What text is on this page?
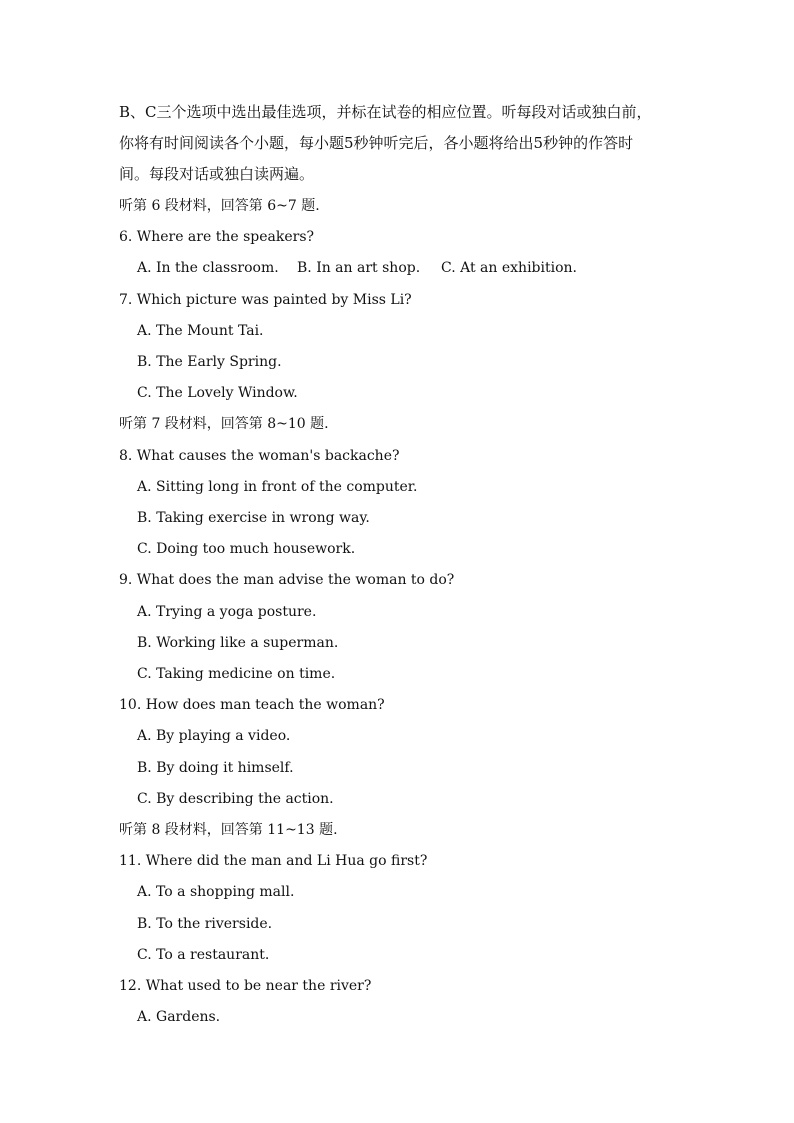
B、C三个选项中选出最佳选项，并标在试卷的相应位置。听每段对话或独白前，
你将有时间阅读各个小题，每小题5秒钟听完后，各小题将给出5秒钟的作答时
间。每段对话或独白读两遍。
听第 6 段材料，回答第 6~7 题.
6. Where are the speakers?
A. In the classroom. B. In an art shop. C. At an exhibition.
7. Which picture was painted by Miss Li?
A. The Mount Tai.
B. The Early Spring.
C. The Lovely Window.
听第 7 段材料，回答第 8~10 题.
8. What causes the woman's backache?
A. Sitting long in front of the computer.
B. Taking exercise in wrong way.
C. Doing too much housework.
9. What does the man advise the woman to do?
A. Trying a yoga posture.
B. Working like a superman.
C. Taking medicine on time.
10. How does man teach the woman?
A. By playing a video.
B. By doing it himself.
C. By describing the action.
听第 8 段材料，回答第 11~13 题.
11. Where did the man and Li Hua go first?
A. To a shopping mall.
B. To the riverside.
C. To a restaurant.
12. What used to be near the river?
A. Gardens.
